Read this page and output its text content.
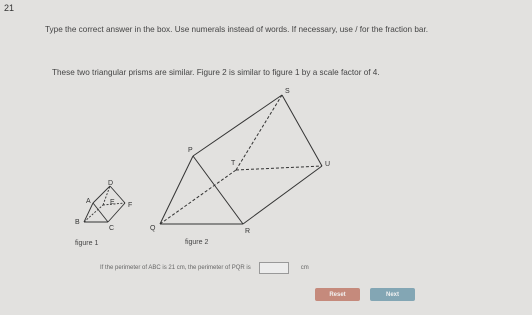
21
Type the correct answer in the box. Use numerals instead of words. If necessary, use / for the fraction bar.
These two triangular prisms are similar. Figure 2 is similar to figure 1 by a scale factor of 4.
D
A	E F
B
C
S
P
T	U
Q	R
figure 1	figure 2
If the perimeter of ABC is 21 cm, the perimeter of PQR is	cm
Reset	Next
